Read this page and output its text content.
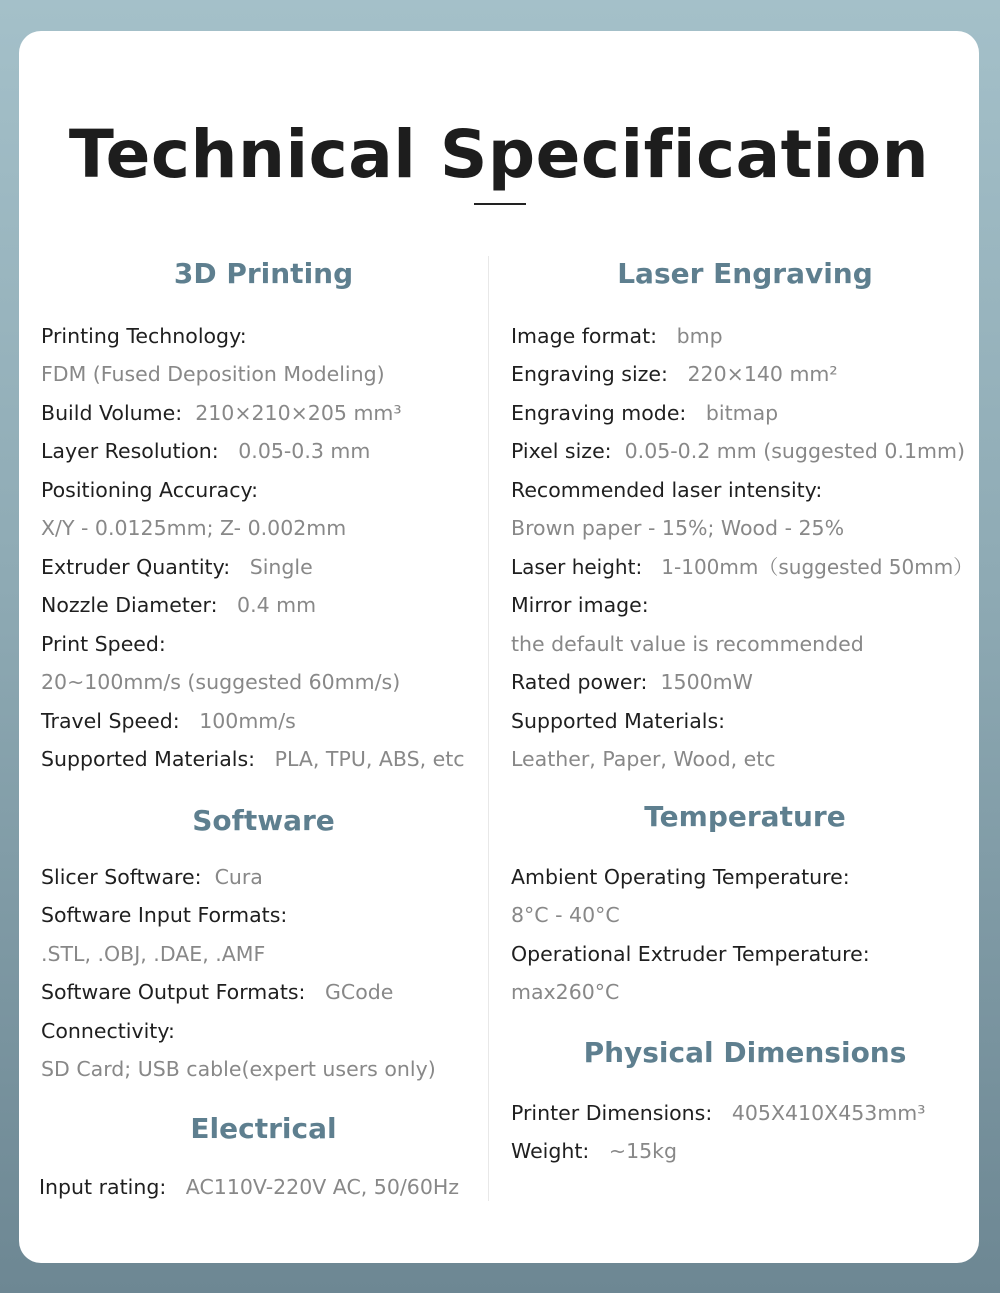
Technical Specification
3D Printing
Printing Technology:
FDM (Fused Deposition Modeling)
Build Volume: 210×210×205 mm³
Layer Resolution: 0.05-0.3 mm
Positioning Accuracy:
X/Y - 0.0125mm; Z- 0.002mm
Extruder Quantity: Single
Nozzle Diameter: 0.4 mm
Print Speed:
20~100mm/s (suggested 60mm/s)
Travel Speed: 100mm/s
Supported Materials: PLA, TPU, ABS, etc
Software
Slicer Software: Cura
Software Input Formats:
.STL, .OBJ, .DAE, .AMF
Software Output Formats: GCode
Connectivity:
SD Card; USB cable(expert users only)
Electrical
Input rating: AC110V-220V AC, 50/60Hz
Laser Engraving
Image format: bmp
Engraving size: 220×140 mm²
Engraving mode: bitmap
Pixel size: 0.05-0.2 mm (suggested 0.1mm)
Recommended laser intensity:
Brown paper - 15%; Wood - 25%
Laser height: 1-100mm（suggested 50mm）
Mirror image:
the default value is recommended
Rated power: 1500mW
Supported Materials:
Leather, Paper, Wood, etc
Temperature
Ambient Operating Temperature:
8°C - 40°C
Operational Extruder Temperature:
max260°C
Physical Dimensions
Printer Dimensions: 405X410X453mm³
Weight: ~15kg
